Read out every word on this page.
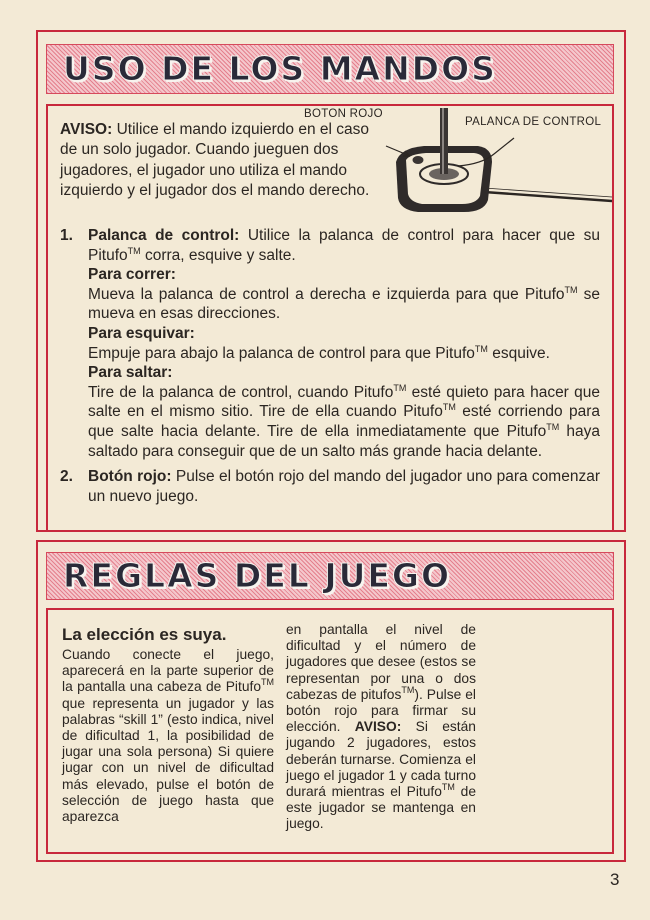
USO DE LOS MANDOS

AVISO: Utilice el mando izquierdo en el caso de un solo jugador. Cuando jueguen dos jugadores, el jugador uno utiliza el mando izquierdo y el jugador dos el mando derecho.

BOTON ROJO
PALANCA DE CONTROL
1. Palanca de control: Utilice la palanca de control para hacer que su Pitufo™ corra, esquive y salte.
Para correr:
Mueva la palanca de control a derecha e izquierda para que Pitufo™ se mueva en esas direcciones.
Para esquivar:
Empuje para abajo la palanca de control para que Pitufo™ esquive.
Para saltar:
Tire de la palanca de control, cuando Pitufo™ esté quieto para hacer que salte en el mismo sitio. Tire de ella cuando Pitufo™ esté corriendo para que salte hacia delante. Tire de ella inmediatamente que Pitufo™ haya saltado para conseguir que de un salto más grande hacia delante.
2. Botón rojo: Pulse el botón rojo del mando del jugador uno para comenzar un nuevo juego.
REGLAS DEL JUEGO
La elección es suya.
Cuando conecte el juego, aparecerá en la parte superior de la pantalla una cabeza de Pitufo™ que representa un jugador y las palabras “skill 1” (esto indica, nivel de dificultad 1, la posibilidad de jugar una sola persona) Si quiere jugar con un nivel de dificultad más elevado, pulse el botón de selección de juego hasta que aparezca
en pantalla el nivel de dificultad y el número de jugadores que desee (estos se representan por una o dos cabezas de pitufos™). Pulse el botón rojo para firmar su elección. AVISO: Si están jugando 2 jugadores, estos deberán turnarse. Comienza el juego el jugador 1 y cada turno durará mientras el Pitufo™ de este jugador se mantenga en juego.
3
